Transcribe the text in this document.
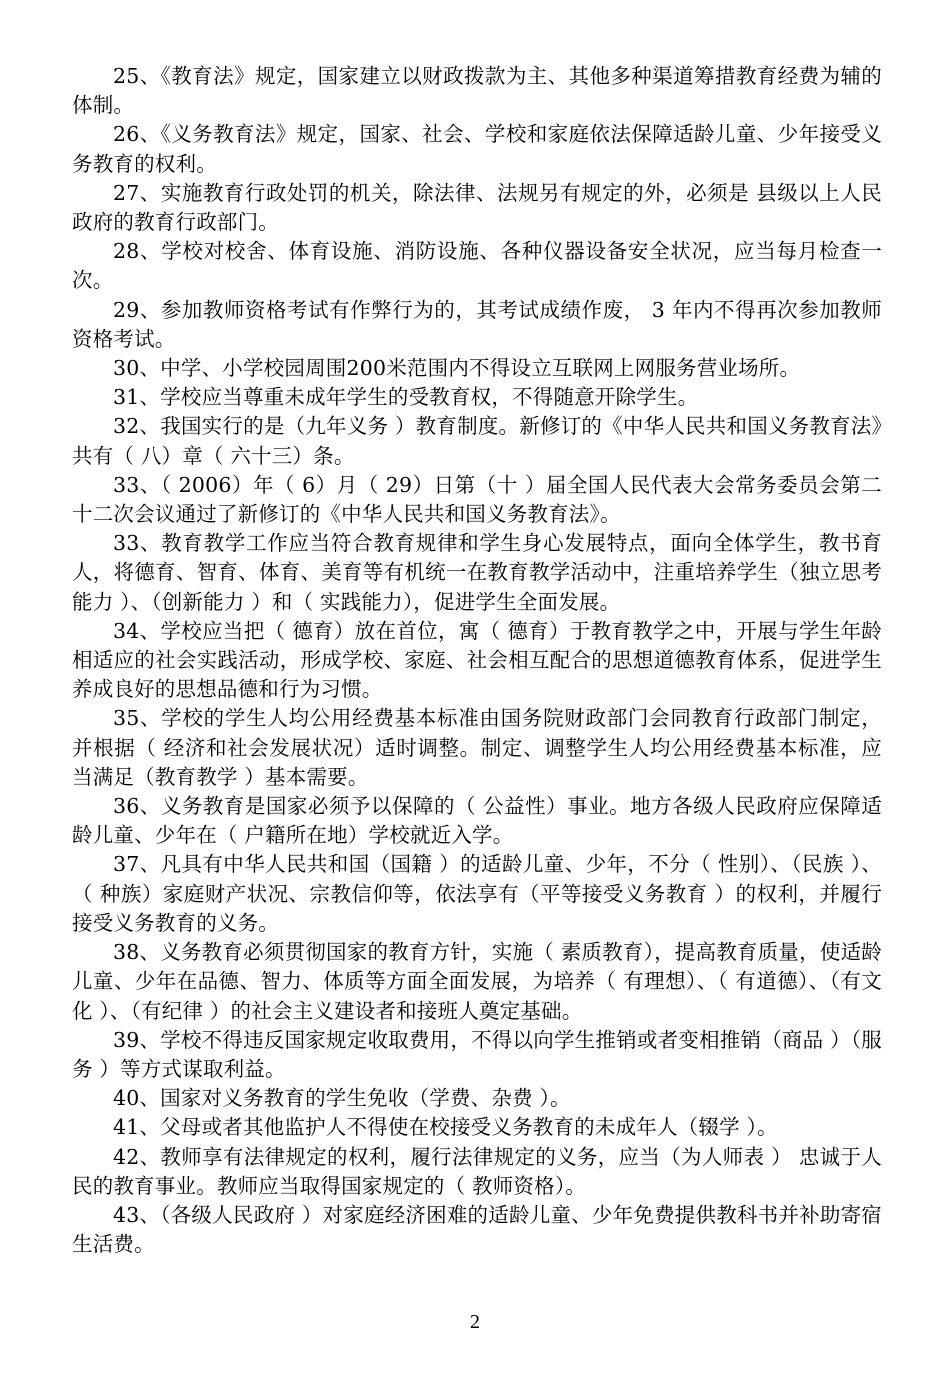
25、《教育法》规定，国家建立以财政拨款为主、其他多种渠道筹措教育经费为辅的体制。

26、《义务教育法》规定，国家、社会、学校和家庭依法保障适龄儿童、少年接受义务教育的权利。

27、实施教育行政处罚的机关，除法律、法规另有规定的外，必须是 县级以上人民政府的教育行政部门。

28、学校对校舍、体育设施、消防设施、各种仪器设备安全状况，应当每月检查一次。

29、参加教师资格考试有作弊行为的，其考试成绩作废， 3 年内不得再次参加教师资格考试。

30、中学、小学校园周围200米范围内不得设立互联网上网服务营业场所。

31、学校应当尊重未成年学生的受教育权，不得随意开除学生。

32、我国实行的是（九年义务 ）教育制度。新修订的《中华人民共和国义务教育法》共有（ 八）章（ 六十三）条。

33、（ 2006）年（ 6）月（ 29）日第（十 ）届全国人民代表大会常务委员会第二十二次会议通过了新修订的《中华人民共和国义务教育法》。

33、教育教学工作应当符合教育规律和学生身心发展特点，面向全体学生，教书育人，将德育、智育、体育、美育等有机统一在教育教学活动中，注重培养学生（独立思考能力 ）、（创新能力 ）和（ 实践能力），促进学生全面发展。

34、学校应当把（ 德育）放在首位，寓（ 德育）于教育教学之中，开展与学生年龄相适应的社会实践活动，形成学校、家庭、社会相互配合的思想道德教育体系，促进学生养成良好的思想品德和行为习惯。

35、学校的学生人均公用经费基本标准由国务院财政部门会同教育行政部门制定，并根据（ 经济和社会发展状况）适时调整。制定、调整学生人均公用经费基本标准，应当满足（教育教学 ）基本需要。

36、义务教育是国家必须予以保障的（ 公益性）事业。地方各级人民政府应保障适龄儿童、少年在（ 户籍所在地）学校就近入学。

37、凡具有中华人民共和国（国籍 ）的适龄儿童、少年，不分（ 性别）、（民族 ）、（ 种族）家庭财产状况、宗教信仰等，依法享有（平等接受义务教育 ）的权利，并履行接受义务教育的义务。

38、义务教育必须贯彻国家的教育方针，实施（ 素质教育），提高教育质量，使适龄儿童、少年在品德、智力、体质等方面全面发展，为培养（ 有理想）、（ 有道德）、（有文化 ）、（有纪律 ）的社会主义建设者和接班人奠定基础。

39、学校不得违反国家规定收取费用，不得以向学生推销或者变相推销（商品 ）（服务 ）等方式谋取利益。

40、国家对义务教育的学生免收（学费、杂费 ）。

41、父母或者其他监护人不得使在校接受义务教育的未成年人（辍学 ）。

42、教师享有法律规定的权利，履行法律规定的义务，应当（为人师表 ） 忠诚于人民的教育事业。教师应当取得国家规定的（ 教师资格）。

43、（各级人民政府 ）对家庭经济困难的适龄儿童、少年免费提供教科书并补助寄宿生活费。

2
